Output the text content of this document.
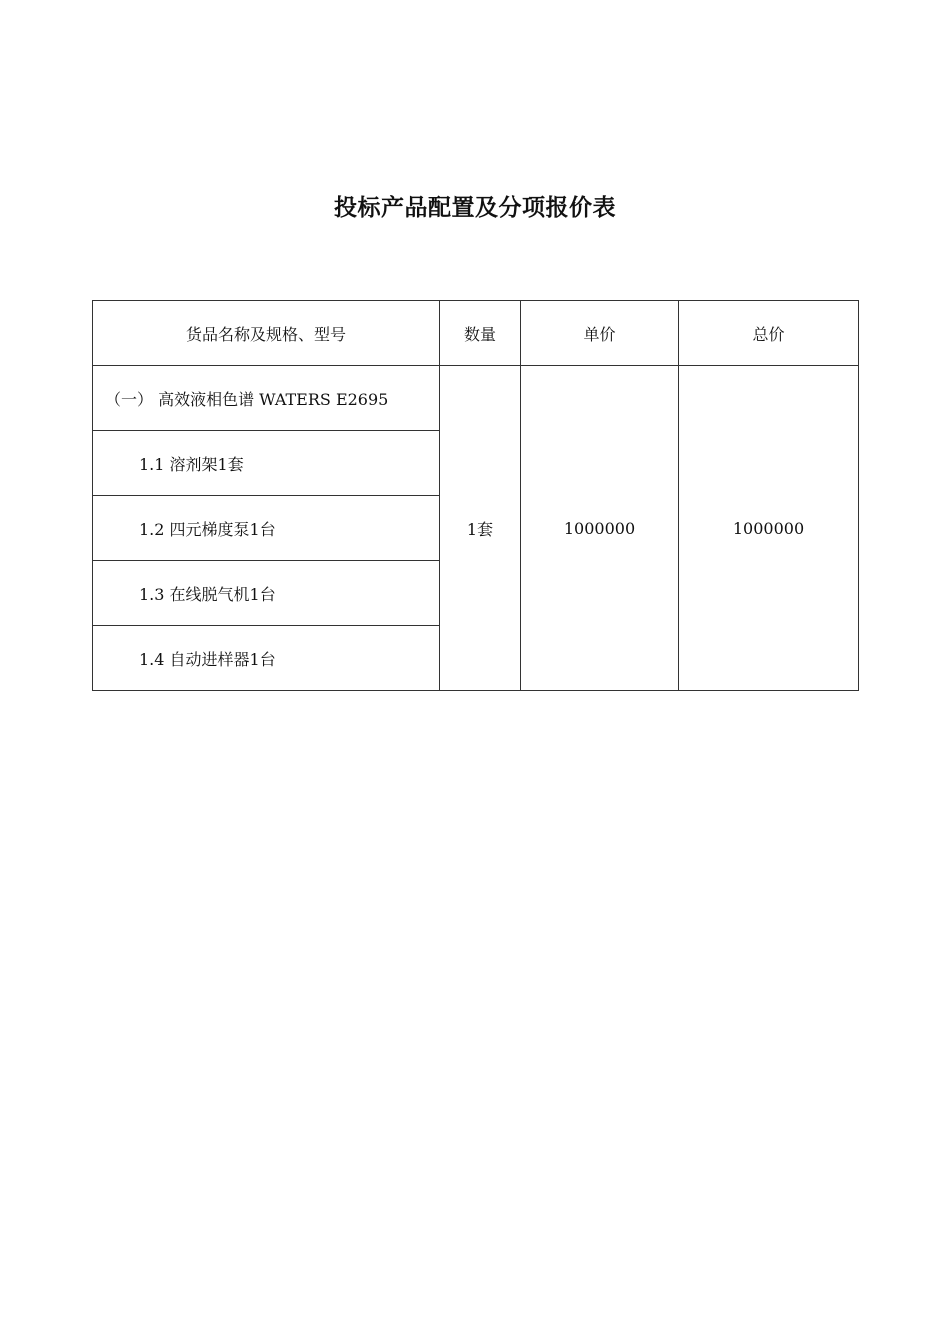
投标产品配置及分项报价表
货品名称及规格、型号	数量	单价	总价
（一） 高效液相色谱 WATERS E2695	1套	1000000	1000000
1.1 溶剂架1套			
1.2 四元梯度泵1台			
1.3 在线脱气机1台			
1.4 自动进样器1台			
